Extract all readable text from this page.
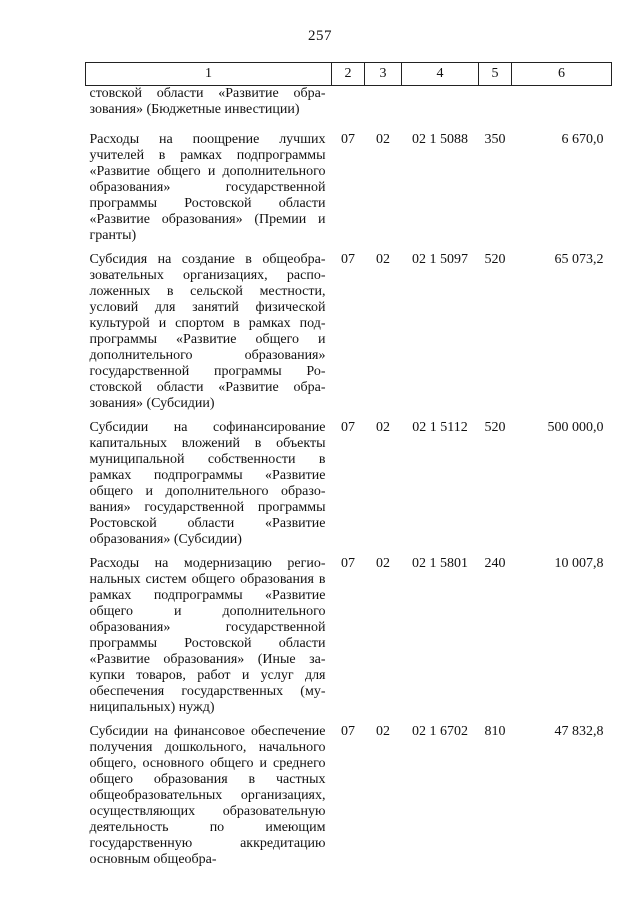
257
1	2	3	4	5	6
стовской области «Развитие образования» (Бюджетные инвестиции)					
Расходы на поощрение лучших учителей в рамках подпрограммы «Развитие общего и дополнительного образования» государственной программы Ростовской области «Развитие образования» (Премии и гранты)	07	02	02 1 5088	350	6 670,0
Субсидия на создание в общеобразовательных организациях, расположенных в сельской местности, условий для занятий физической культурой и спортом в рамках подпрограммы «Развитие общего и дополнительного образования» государственной программы Ростовской области «Развитие образования» (Субсидии)	07	02	02 1 5097	520	65 073,2
Субсидии на софинансирование капитальных вложений в объекты муниципальной собственности в рамках подпрограммы «Развитие общего и дополнительного образования» государственной программы Ростовской области «Развитие образования» (Субсидии)	07	02	02 1 5112	520	500 000,0
Расходы на модернизацию региональных систем общего образования в рамках подпрограммы «Развитие общего и дополнительного образования» государственной программы Ростовской области «Развитие образования» (Иные закупки товаров, работ и услуг для обеспечения государственных (муниципальных) нужд)	07	02	02 1 5801	240	10 007,8
Субсидии на финансовое обеспечение получения дошкольного, начального общего, основного общего и среднего общего образования в частных общеобразовательных организациях, осуществляющих образовательную деятельность по имеющим государственную аккредитацию основным общеобра-	07	02	02 1 6702	810	47 832,8
